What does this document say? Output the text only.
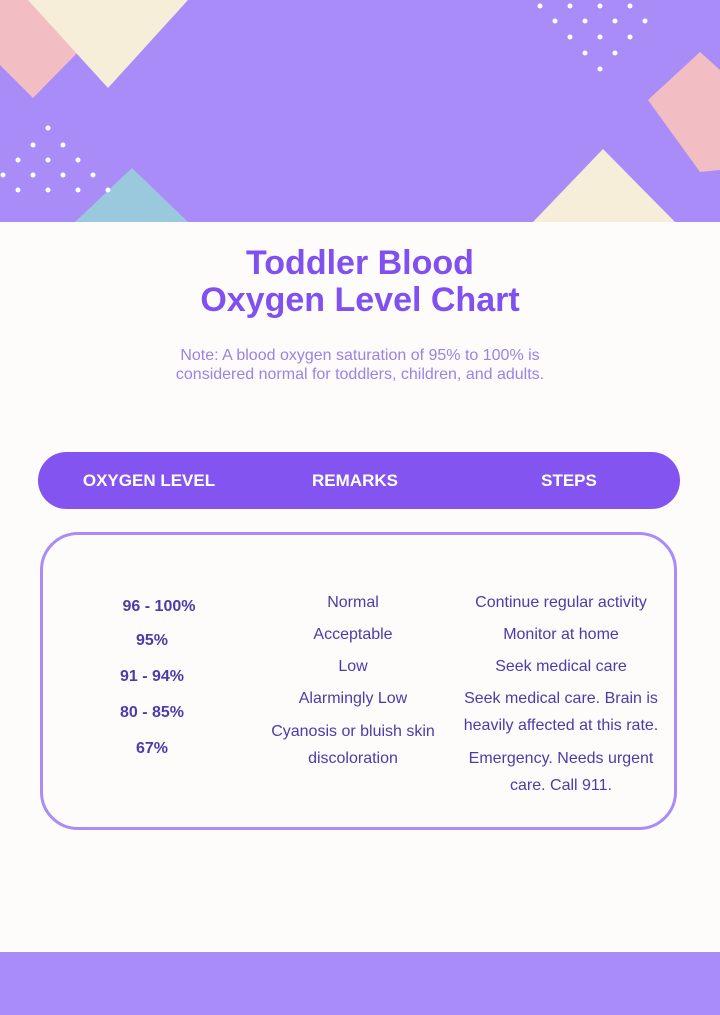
Toddler Blood
Oxygen Level Chart

Note: A blood oxygen saturation of 95% to 100% is
considered normal for toddlers, children, and adults.

OXYGEN LEVEL	REMARKS	STEPS
96 - 100%
95%
91 - 94%
80 - 85%
67%
Normal
Acceptable
Low
Alarmingly Low
Cyanosis or bluish skin
discoloration
Continue regular activity
Monitor at home
Seek medical care
Seek medical care. Brain is
heavily affected at this rate.
Emergency. Needs urgent
care. Call 911.
